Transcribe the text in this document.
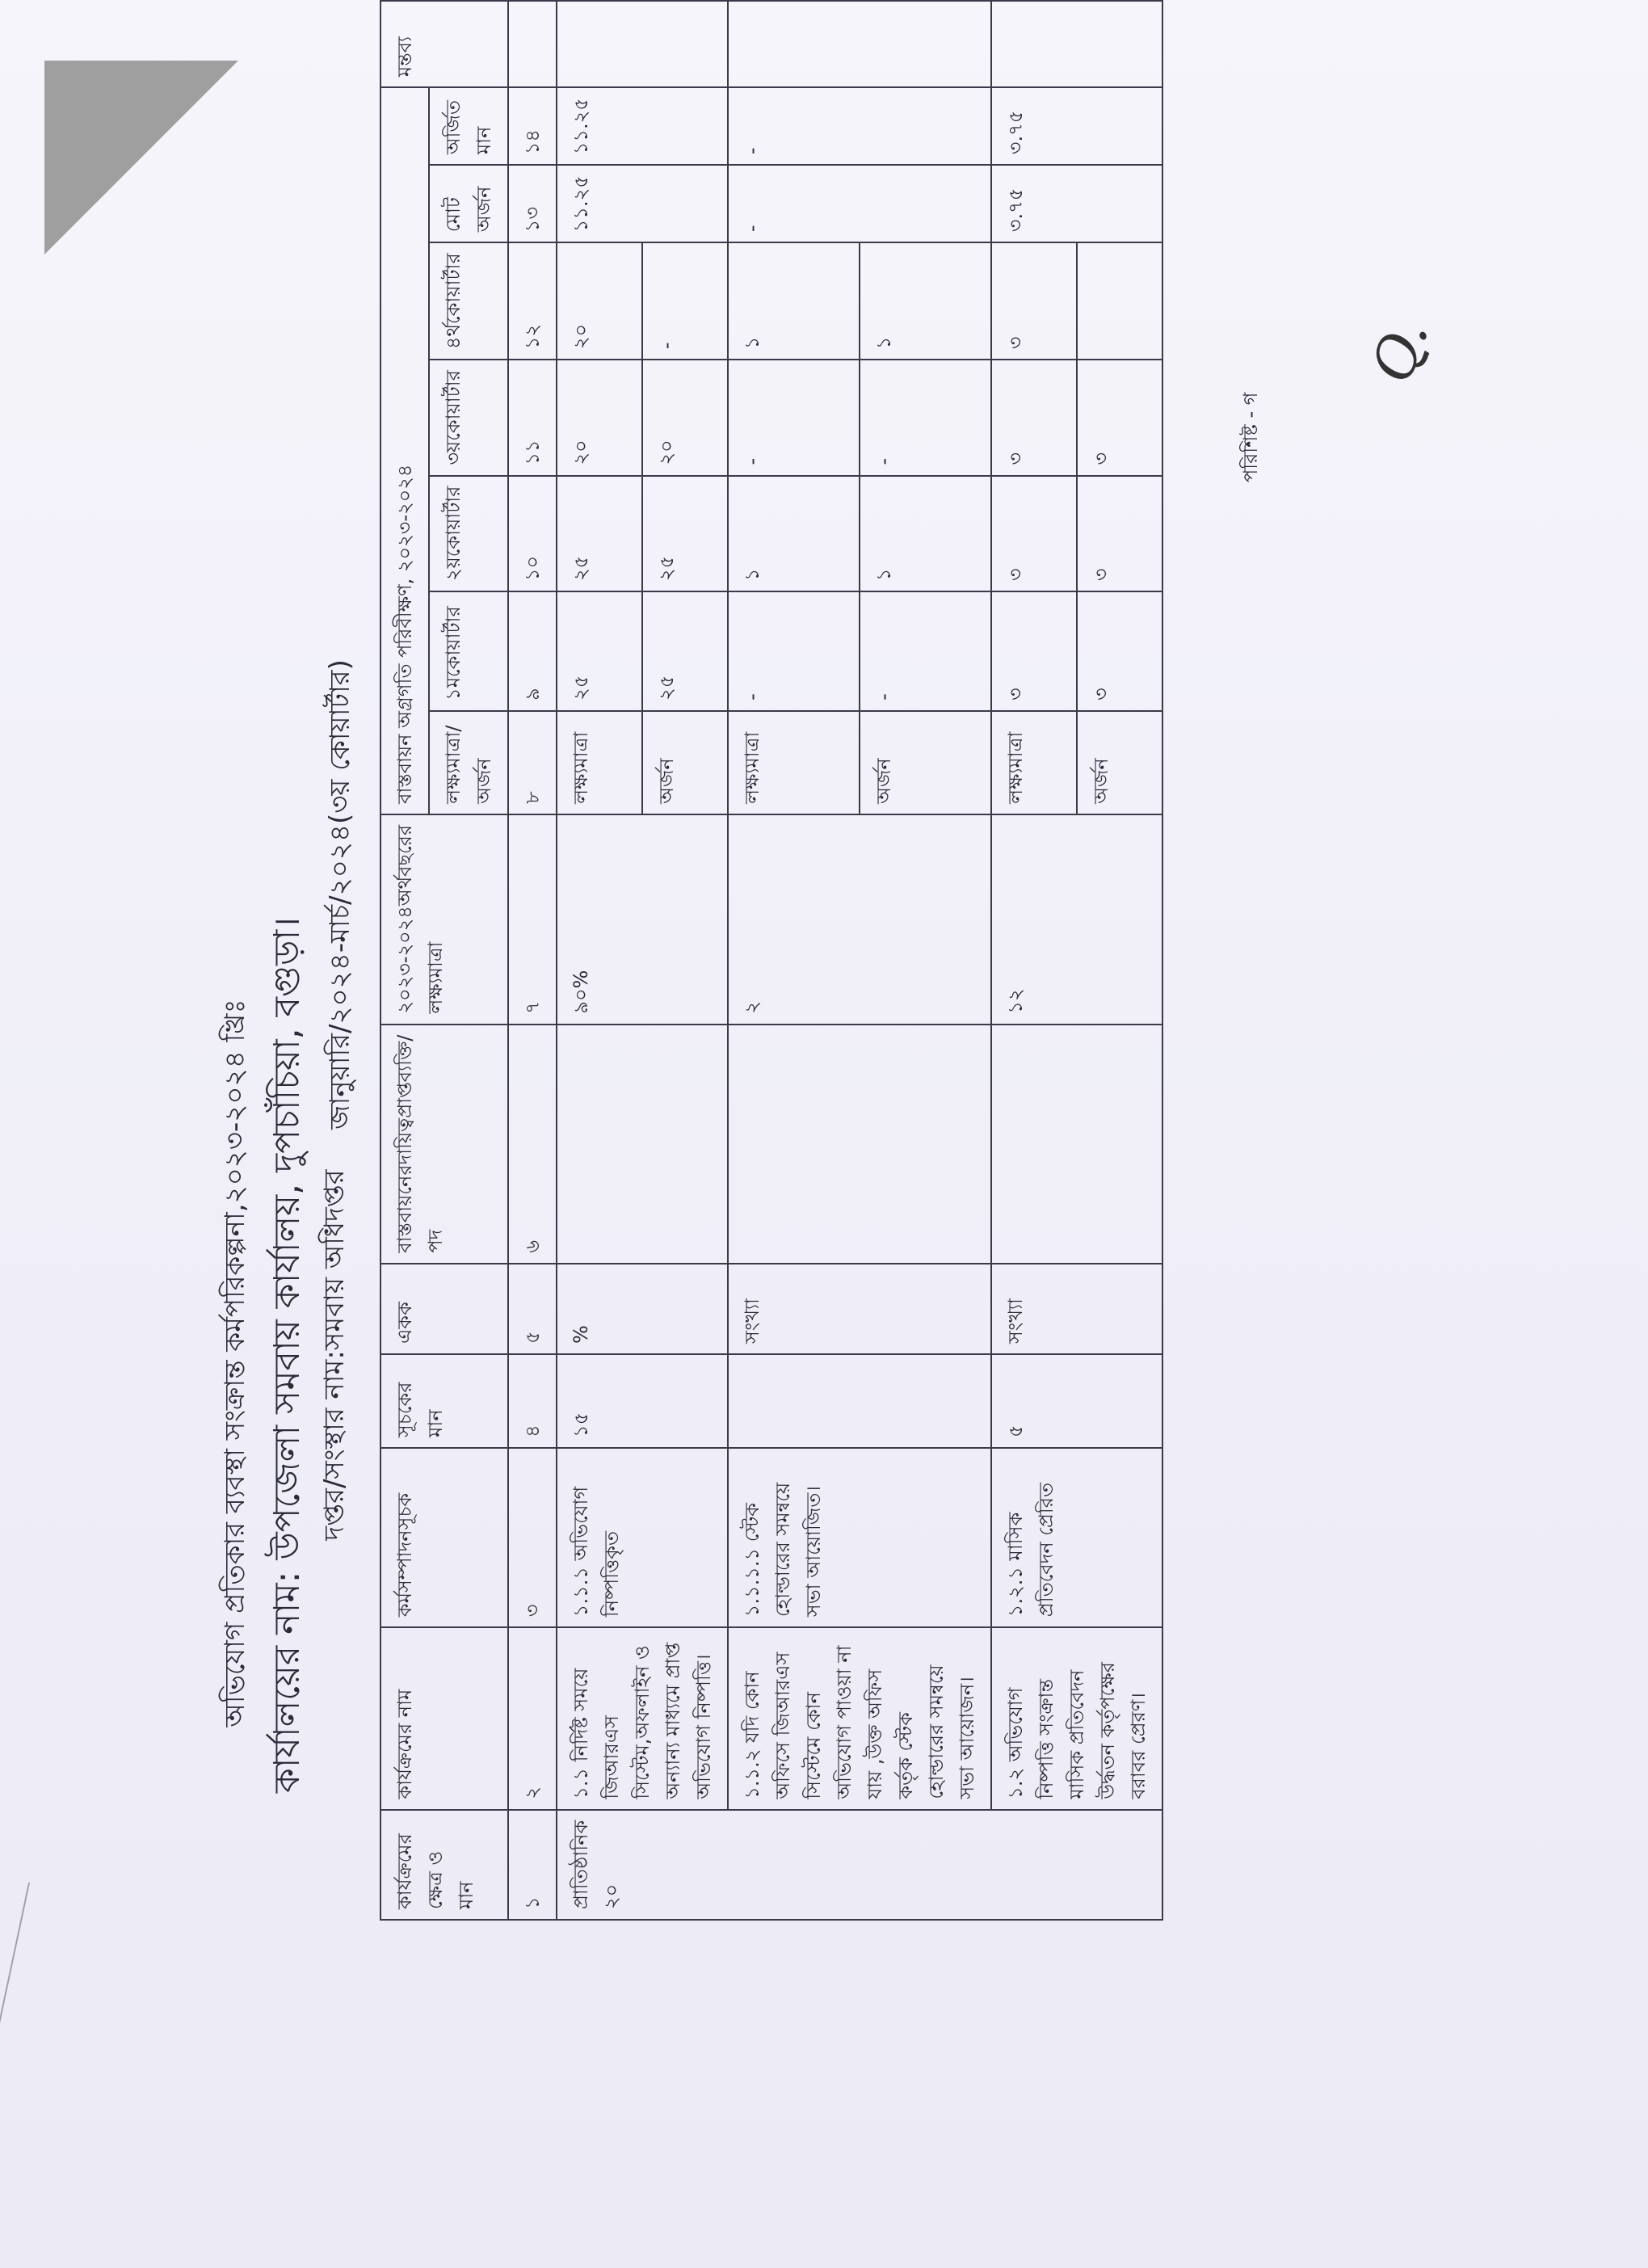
অভিযোগ প্রতিকার ব্যবস্থা সংক্রান্ত কর্মপরিকল্পনা,২০২৩-২০২৪ খ্রিঃ কার্যালয়ের নাম: উপজেলা সমবায় কার্যালয়, দুপচাঁচিয়া, বগুড়া। দপ্তর/সংস্থার নাম:সমবায় অধিদপ্তর
জানুয়ারি/২০২৪-মার্চ/২০২৪(৩য় কোয়ার্টার)
পরিশিষ্ট - গ
Q.
কার্যক্রমের ক্ষেত্র ও মান	কার্যক্রমের নাম	কর্মসম্পাদনসূচক	সূচকের মান	একক	বাস্তবায়নেরদায়িত্বপ্রাপ্তব্যক্তি/পদ	২০২৩-২০২৪অর্থবছরের লক্ষ্যমাত্রা	বাস্তবায়ন অগ্রগতি পরিবীক্ষণ, ২০২৩-২০২৪							মন্তব্য
							লক্ষ্যমাত্রা/অর্জন	১মকোয়ার্টার	২য়কোয়ার্টার	৩য়কোয়ার্টার	৪র্থকোয়ার্টার	মোট অর্জন	অর্জিত মান	
১	২	৩	৪	৫	৬	৭	৮	৯	১০	১১	১২	১৩	১৪	
প্রাতিষ্ঠানিক ২০	১.১ নির্দিষ্ট সময়ে জিআরএস সিস্টেম,অফলাইন ও অন্যান্য মাধ্যমে প্রাপ্ত অভিযোগ নিষ্পত্তি।	১.১.১ অভিযোগ নিষ্পত্তিকৃত	১৫	%		৯০%	লক্ষ্যমাত্রা	২৫	২৫	২০	২০	১১.২৫	১১.২৫	
							অর্জন	২৫	২৫	২০	-			
	১.১.২ যদি কোন অফিসে জিআরএস সিস্টেমে কোন অভিযোগ পাওয়া না যায় ,উক্ত অফিস কর্তৃক স্টেক হোল্ডারের সমন্বয়ে সভা আয়োজন।	১.১.১.১ স্টেক হোল্ডারের সমন্বয়ে সভা আয়োজিত।		সংখ্যা		২	লক্ষ্যমাত্রা	-	১	-	১	-	-	
							অর্জন	-	১	-	১			
	১.২ অভিযোগ নিষ্পত্তি সংক্রান্ত মাসিক প্রতিবেদন উর্দ্ধতন কর্তৃপক্ষের বরাবর প্রেরণ।	১.২.১ মাসিক প্রতিবেদন প্রেরিত	৫	সংখ্যা		১২	লক্ষ্যমাত্রা	৩	৩	৩	৩	৩.৭৫	৩.৭৫	
							অর্জন	৩	৩	৩				
